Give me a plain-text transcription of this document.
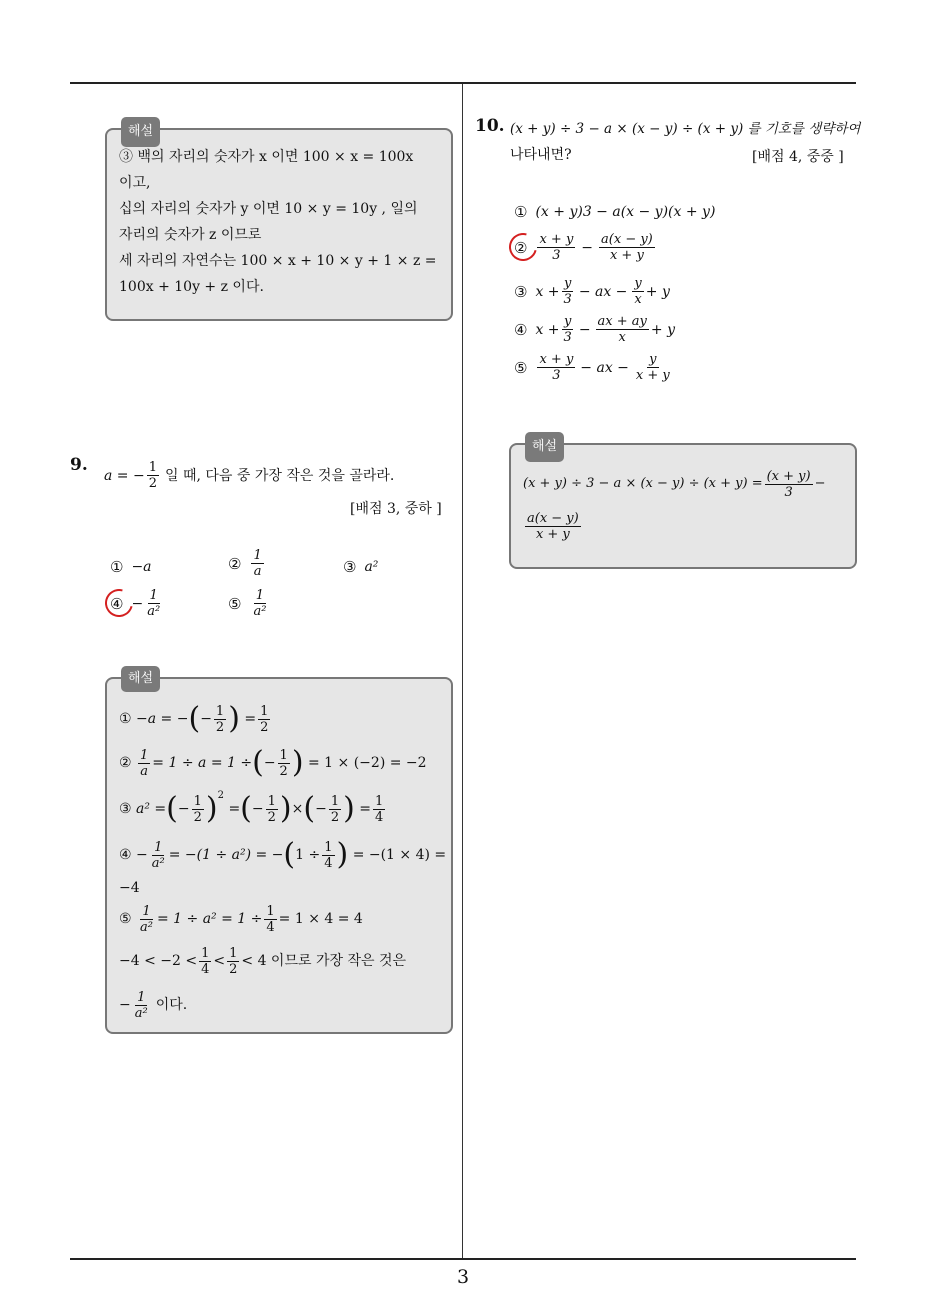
해설
③ 백의 자리의 숫자가 x 이면 100 × x = 100x
이고,
십의 자리의 숫자가 y 이면 10 × y = 10y , 일의
자리의 숫자가 z 이므로
세 자리의 자연수는 100 × x + 10 × y + 1 × z =
100x + 10y + z 이다.
9.
a = − $\frac{1}{2}$ 일 때, 다음 중 가장 작은 것을 골라라.
[배점 3, 중하 ]
① −a	② $\frac{1}{a}$	③ a²
④ − $\frac{1}{\text{a²}}$	⑤ $\frac{1}{\text{a²}}$
해설
①
−a = − ( − $\frac{1}{2}$ )
= $\frac{1}{2}$
②
$\frac{1}{a} = 1 \div a = 1$ ÷ ( − $\frac{1}{2}$ )
= 1 × (−2) = −2
③
a² = ( − $\frac{1}{2} )^2$

= ( − $\frac{1}{2}$ ) × ( − $\frac{1}{2}$ )
= $\frac{1}{4}$
④
− $\frac{1}{\text{a²}} = -(1 \div a^2)$ = − ( $1 \div \frac{1}{4}$ )
= −(1 × 4) =
−4
⑤
$\frac{1}{\text{a²}} = 1 \div a^2 = 1 \div \frac{1}{4} = 1 \times 4 = 4$
$-4 < -2 < \frac{1}{4} < \frac{1}{2} < 4$ 이므로 가장 작은 것은
− $\frac{1}{\text{a²}}$ 이다.
10. (x + y) ÷ 3 − a × (x − y) ÷ (x + y) 를 기호를 생략하여
나타내면?	[배점 4, 중중 ]
① (x + y)3 − a(x − y)(x + y)
② $\frac{x + y}{3} - \frac{a(x - y)}{x + y}$
③ $x + \frac{y}{3}$ − ax − $\frac{y}{x} + y$
④ $x + \frac{y}{3} - \frac{ax + ay}{x} + y$
⑤ $\frac{x + y}{3}$ − ax − $\frac{y}{x + y}$
해설
$(x + y) \div 3 - a \times (x - y) \div (x + y) = \frac{(x + y)}{3}$ −
$\frac{a(x - y)}{x + y}$
3
